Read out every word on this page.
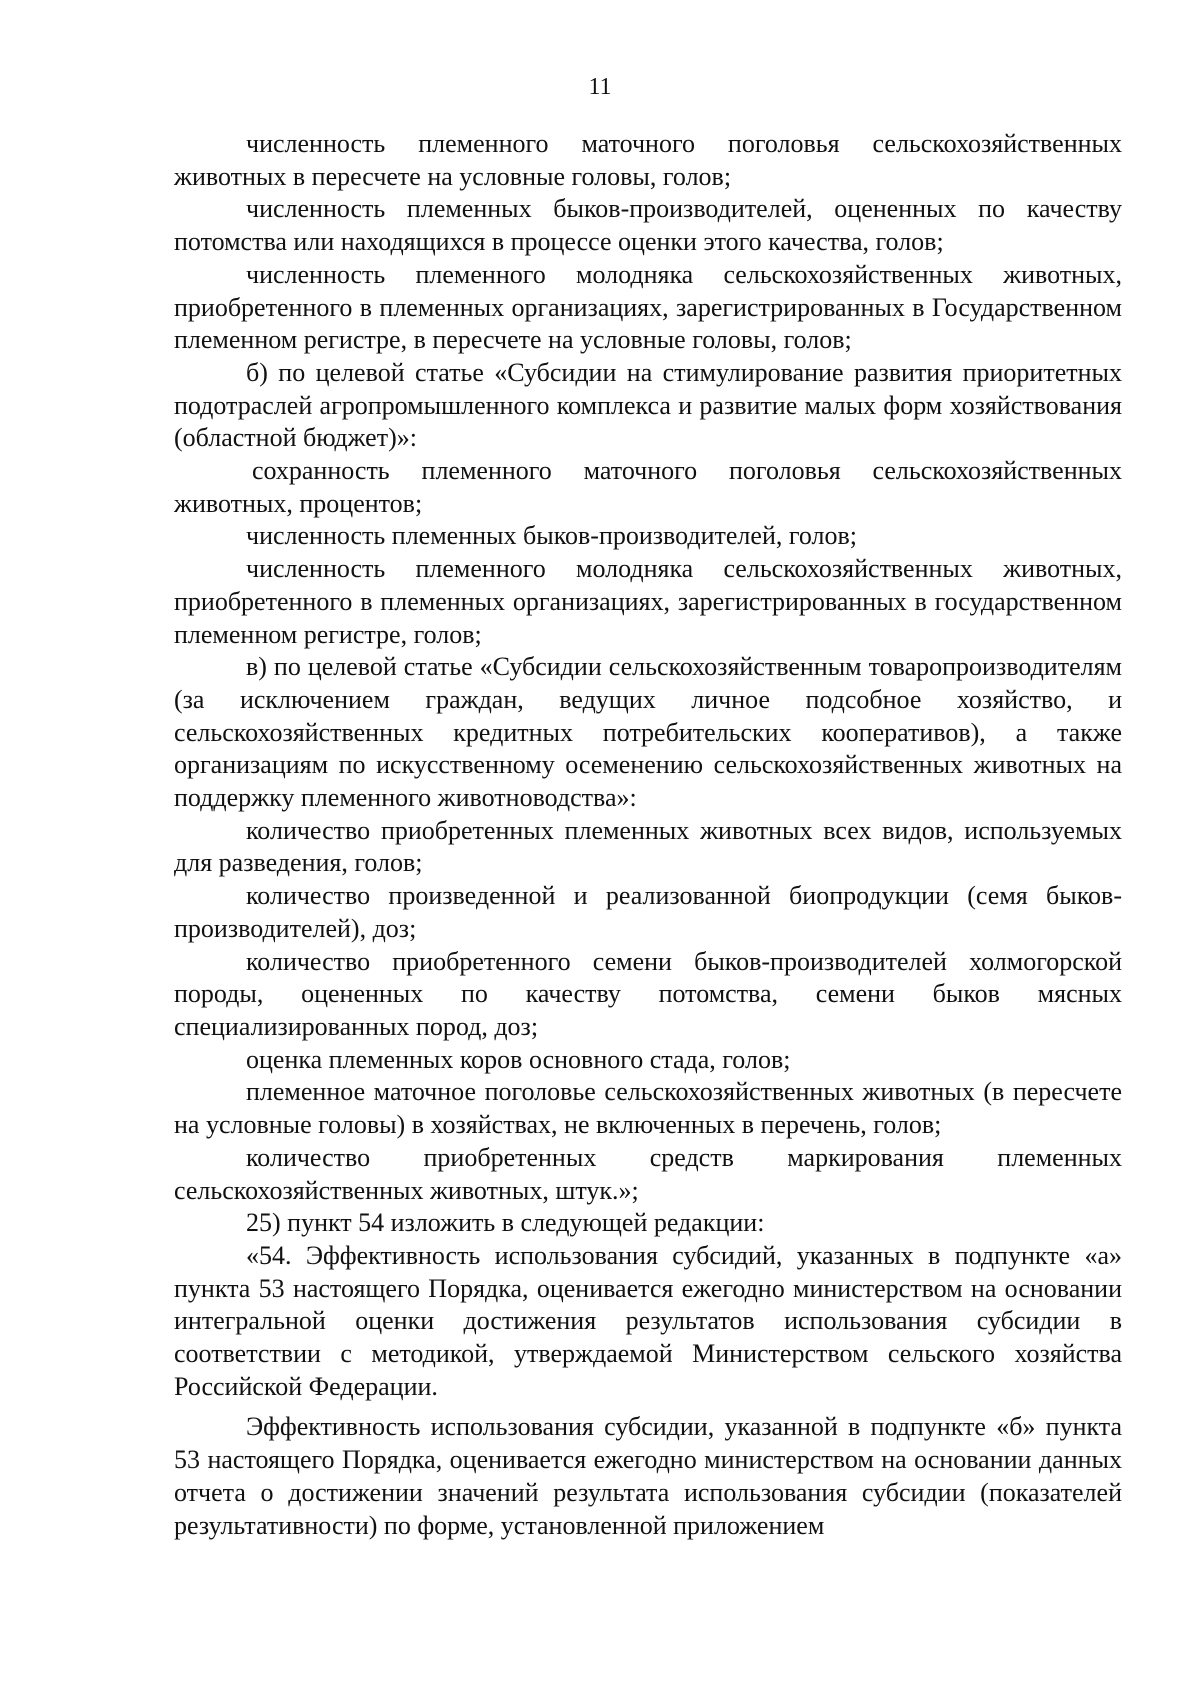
11

численность племенного маточного поголовья сельскохозяйственных животных в пересчете на условные головы, голов;

численность племенных быков-производителей, оцененных по качеству потомства или находящихся в процессе оценки этого качества, голов;

численность племенного молодняка сельскохозяйственных животных, приобретенного в племенных организациях, зарегистрированных в Государственном племенном регистре, в пересчете на условные головы, голов;

б) по целевой статье «Субсидии на стимулирование развития приоритетных подотраслей агропромышленного комплекса и развитие малых форм хозяйствования (областной бюджет)»:

сохранность племенного маточного поголовья сельскохозяйственных животных, процентов;

численность племенных быков-производителей, голов;

численность племенного молодняка сельскохозяйственных животных, приобретенного в племенных организациях, зарегистрированных в государственном племенном регистре, голов;

в) по целевой статье «Субсидии сельскохозяйственным товаропроизводителям (за исключением граждан, ведущих личное подсобное хозяйство, и сельскохозяйственных кредитных потребительских кооперативов), а также организациям по искусственному осеменению сельскохозяйственных животных на поддержку племенного животноводства»:

количество приобретенных племенных животных всех видов, используемых для разведения, голов;

количество произведенной и реализованной биопродукции (семя быков-производителей), доз;

количество приобретенного семени быков-производителей холмогорской породы, оцененных по качеству потомства, семени быков мясных специализированных пород, доз;

оценка племенных коров основного стада, голов;

племенное маточное поголовье сельскохозяйственных животных (в пересчете на условные головы) в хозяйствах, не включенных в перечень, голов;

количество приобретенных средств маркирования племенных сельскохозяйственных животных, штук.»;

25) пункт 54 изложить в следующей редакции:

«54. Эффективность использования субсидий, указанных в подпункте «а» пункта 53 настоящего Порядка, оценивается ежегодно министерством на основании интегральной оценки достижения результатов использования субсидии в соответствии с методикой, утверждаемой Министерством сельского хозяйства Российской Федерации.

Эффективность использования субсидии, указанной в подпункте «б» пункта 53 настоящего Порядка, оценивается ежегодно министерством на основании данных отчета о достижении значений результата использования субсидии (показателей результативности) по форме, установленной приложением
